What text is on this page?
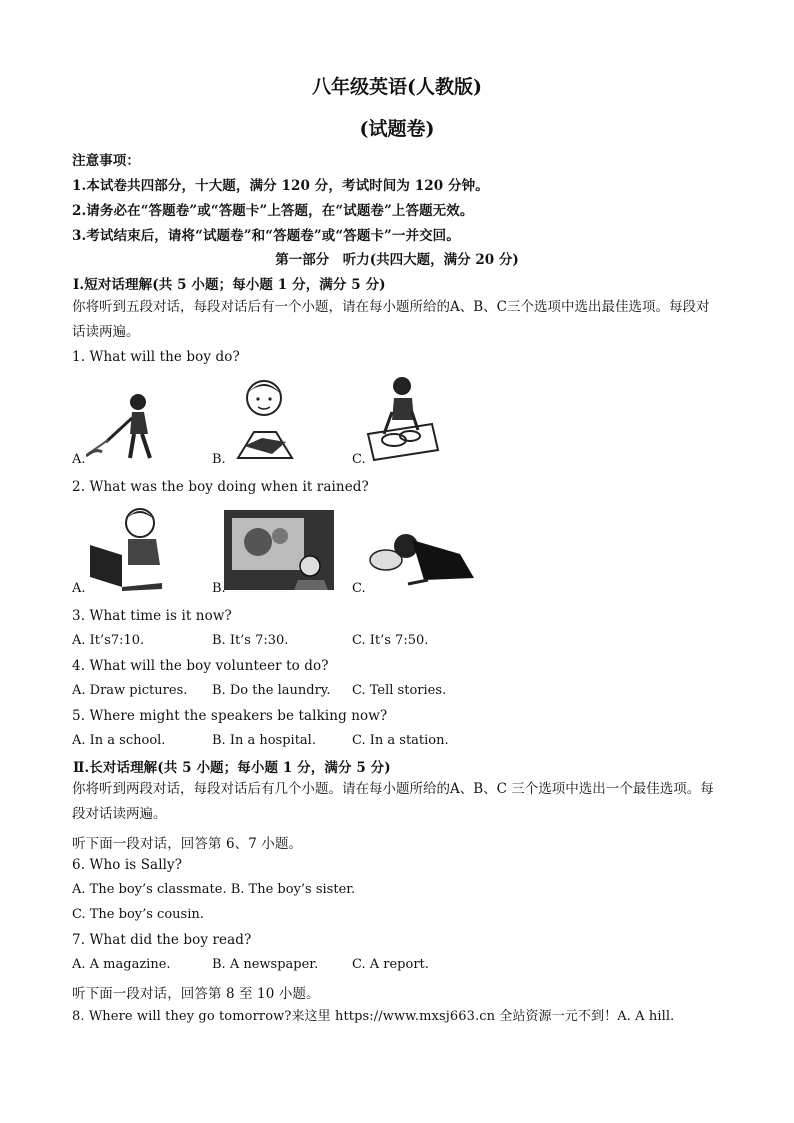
八年级英语(人教版)
(试题卷)
注意事项：
1.本试卷共四部分，十大题，满分 120 分，考试时间为 120 分钟。
2.请务必在“答题卷”或“答题卡”上答题，在“试题卷”上答题无效。
3.考试结束后，请将“试题卷”和“答题卷”或“答题卡”一并交回。
第一部分　听力(共四大题，满分 20 分)
Ⅰ.短对话理解(共 5 小题；每小题 1 分，满分 5 分)
你将听到五段对话，每段对话后有一个小题，请在每小题所给的A、B、C三个选项中选出最佳选项。每段对话读两遍。
1. What will the boy do?
A.	B.	C.
2. What was the boy doing when it rained?
A.	B.	C.
3. What time is it now?
A. It’s7:10.	B. It’s 7:30.	C. It’s 7:50.
4. What will the boy volunteer to do?
A. Draw pictures. B. Do the laundry. C. Tell stories.
5. Where might the speakers be talking now?
A. In a school.	B. In a hospital.	C. In a station.
Ⅱ.长对话理解(共 5 小题；每小题 1 分，满分 5 分)
你将听到两段对话，每段对话后有几个小题。请在每小题所给的A、B、C 三个选项中选出一个最佳选项。每段对话读两遍。
听下面一段对话，回答第 6、7 小题。
6. Who is Sally?
A. The boy’s classmate. B. The boy’s sister.
C. The boy’s cousin.
7. What did the boy read?
A. A magazine.	B. A newspaper.	C. A report.
听下面一段对话，回答第 8 至 10 小题。
8. Where will they go tomorrow?来这里 https://www.mxsj663.cn 全站资源一元不到！A. A hill.
